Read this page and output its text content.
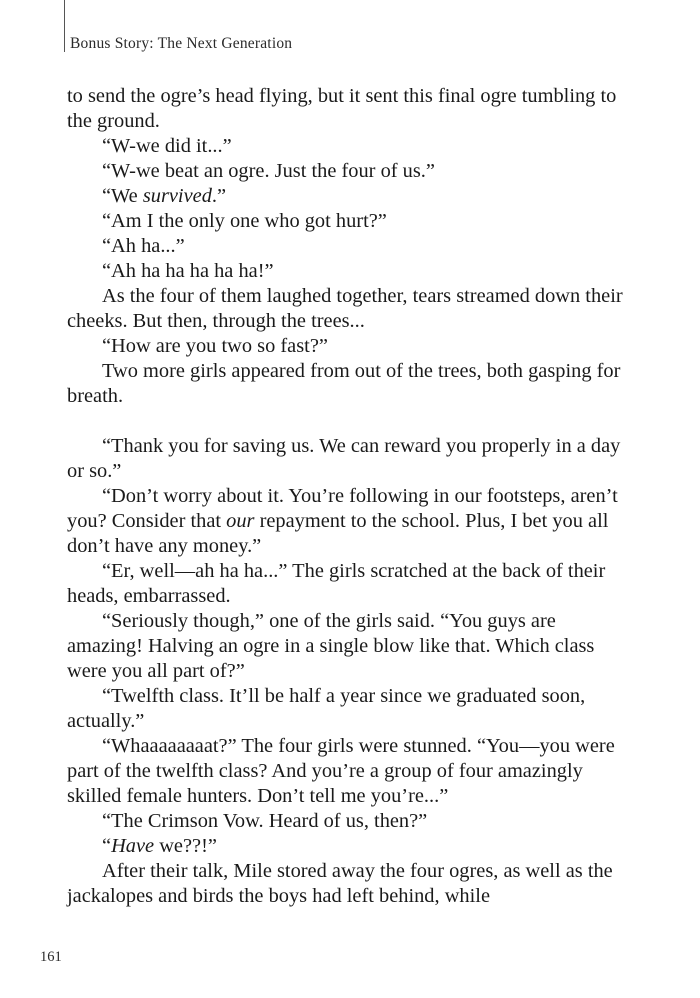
Bonus Story: The Next Generation

to send the ogre’s head flying, but it sent this final ogre tumbling to the ground.

“W-we did it...”

“W-we beat an ogre. Just the four of us.”

“We survived.”

“Am I the only one who got hurt?”

“Ah ha...”

“Ah ha ha ha ha ha!”

As the four of them laughed together, tears streamed down their cheeks. But then, through the trees...

“How are you two so fast?”

Two more girls appeared from out of the trees, both gasping for breath.

“Thank you for saving us. We can reward you properly in a day or so.”

“Don’t worry about it. You’re following in our footsteps, aren’t you? Consider that our repayment to the school. Plus, I bet you all don’t have any money.”

“Er, well—ah ha ha...” The girls scratched at the back of their heads, embarrassed.

“Seriously though,” one of the girls said. “You guys are amazing! Halving an ogre in a single blow like that. Which class were you all part of?”

“Twelfth class. It’ll be half a year since we graduated soon, actually.”

“Whaaaaaaaat?” The four girls were stunned. “You—you were part of the twelfth class? And you’re a group of four amazingly skilled female hunters. Don’t tell me you’re...”

“The Crimson Vow. Heard of us, then?”

“Have we??!”

After their talk, Mile stored away the four ogres, as well as the jackalopes and birds the boys had left behind, while

161
